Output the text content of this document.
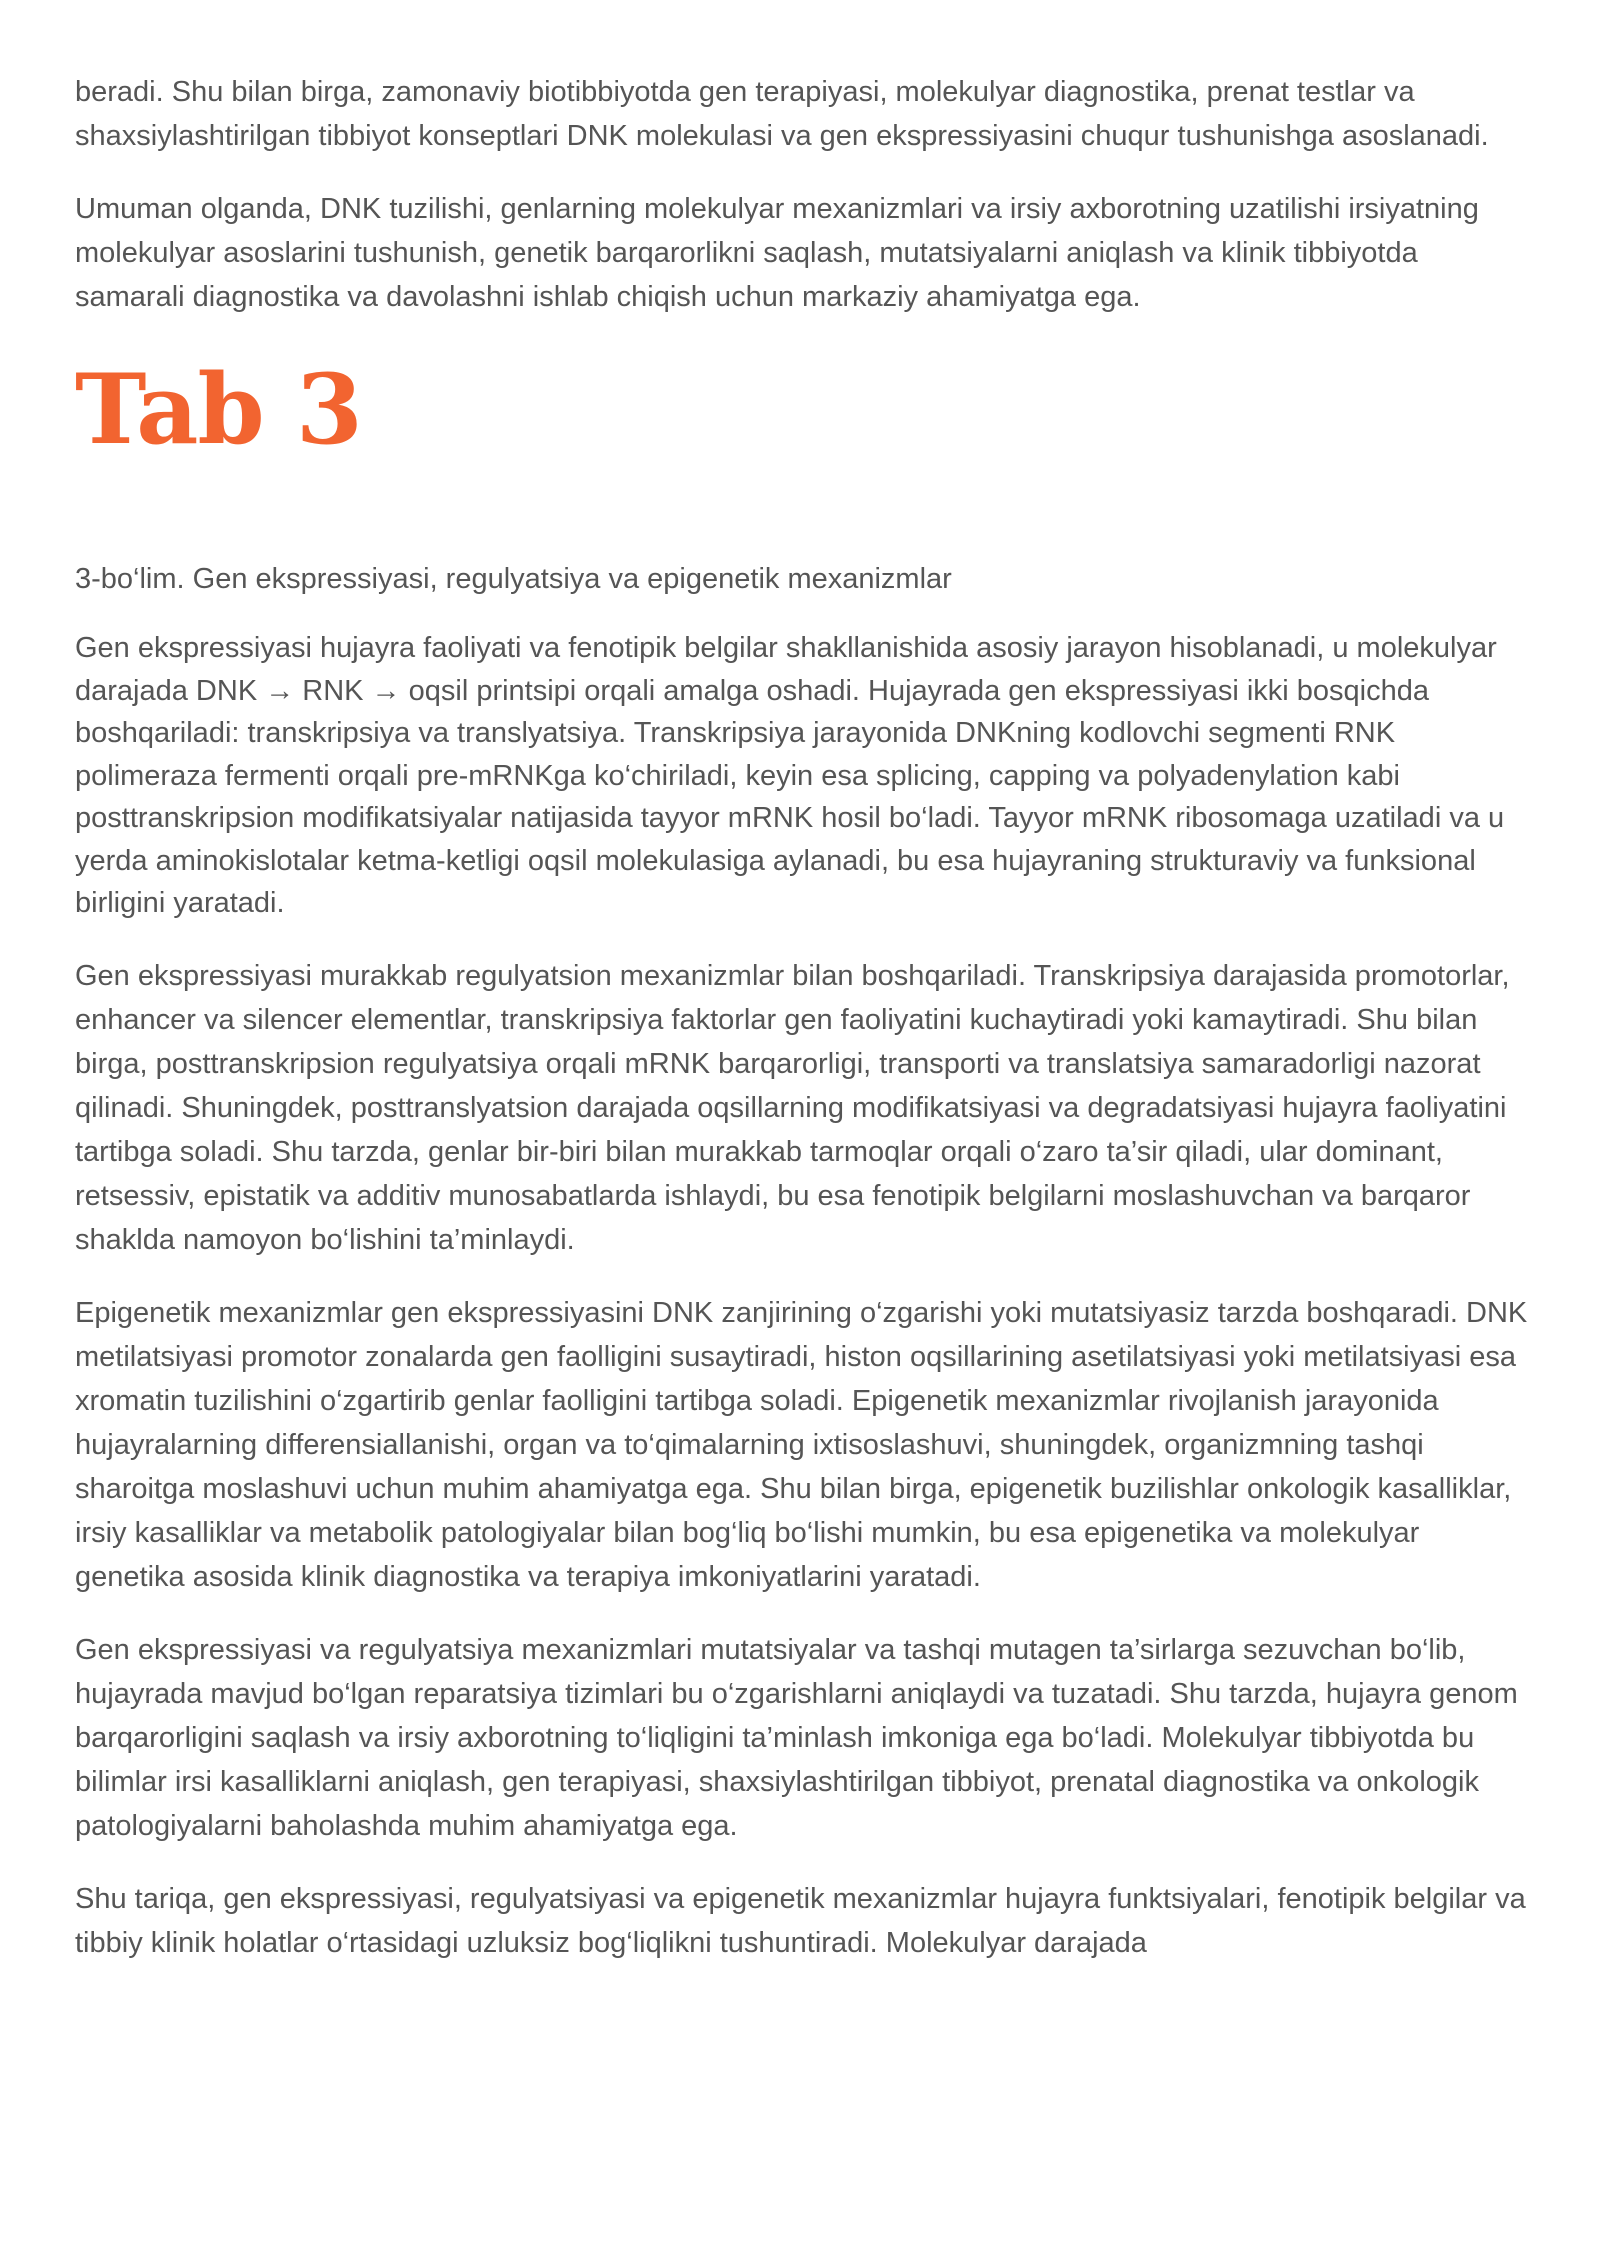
beradi. Shu bilan birga, zamonaviy biotibbiyotda gen terapiyasi, molekulyar diagnostika, prenat testlar va shaxsiylashtirilgan tibbiyot konseptlari DNK molekulasi va gen ekspressiyasini chuqur tushunishga asoslanadi.

Umuman olganda, DNK tuzilishi, genlarning molekulyar mexanizmlari va irsiy axborotning uzatilishi irsiyatning molekulyar asoslarini tushunish, genetik barqarorlikni saqlash, mutatsiyalarni aniqlash va klinik tibbiyotda samarali diagnostika va davolashni ishlab chiqish uchun markaziy ahamiyatga ega.

Tab 3

3-bo‘lim. Gen ekspressiyasi, regulyatsiya va epigenetik mexanizmlar

Gen ekspressiyasi hujayra faoliyati va fenotipik belgilar shakllanishida asosiy jarayon hisoblanadi, u molekulyar darajada DNK → RNK → oqsil printsipi orqali amalga oshadi. Hujayrada gen ekspressiyasi ikki bosqichda boshqariladi: transkripsiya va translyatsiya. Transkripsiya jarayonida DNKning kodlovchi segmenti RNK polimeraza fermenti orqali pre-mRNKga ko‘chiriladi, keyin esa splicing, capping va polyadenylation kabi posttranskripsion modifikatsiyalar natijasida tayyor mRNK hosil bo‘ladi. Tayyor mRNK ribosomaga uzatiladi va u yerda aminokislotalar ketma-ketligi oqsil molekulasiga aylanadi, bu esa hujayraning strukturaviy va funksional birligini yaratadi.

Gen ekspressiyasi murakkab regulyatsion mexanizmlar bilan boshqariladi. Transkripsiya darajasida promotorlar, enhancer va silencer elementlar, transkripsiya faktorlar gen faoliyatini kuchaytiradi yoki kamaytiradi. Shu bilan birga, posttranskripsion regulyatsiya orqali mRNK barqarorligi, transporti va translatsiya samaradorligi nazorat qilinadi. Shuningdek, posttranslyatsion darajada oqsillarning modifikatsiyasi va degradatsiyasi hujayra faoliyatini tartibga soladi. Shu tarzda, genlar bir-biri bilan murakkab tarmoqlar orqali o‘zaro ta’sir qiladi, ular dominant, retsessiv, epistatik va additiv munosabatlarda ishlaydi, bu esa fenotipik belgilarni moslashuvchan va barqaror shaklda namoyon bo‘lishini ta’minlaydi.

Epigenetik mexanizmlar gen ekspressiyasini DNK zanjirining o‘zgarishi yoki mutatsiyasiz tarzda boshqaradi. DNK metilatsiyasi promotor zonalarda gen faolligini susaytiradi, histon oqsillarining asetilatsiyasi yoki metilatsiyasi esa xromatin tuzilishini o‘zgartirib genlar faolligini tartibga soladi. Epigenetik mexanizmlar rivojlanish jarayonida hujayralarning differensiallanishi, organ va to‘qimalarning ixtisoslashuvi, shuningdek, organizmning tashqi sharoitga moslashuvi uchun muhim ahamiyatga ega. Shu bilan birga, epigenetik buzilishlar onkologik kasalliklar, irsiy kasalliklar va metabolik patologiyalar bilan bog‘liq bo‘lishi mumkin, bu esa epigenetika va molekulyar genetika asosida klinik diagnostika va terapiya imkoniyatlarini yaratadi.

Gen ekspressiyasi va regulyatsiya mexanizmlari mutatsiyalar va tashqi mutagen ta’sirlarga sezuvchan bo‘lib, hujayrada mavjud bo‘lgan reparatsiya tizimlari bu o‘zgarishlarni aniqlaydi va tuzatadi. Shu tarzda, hujayra genom barqarorligini saqlash va irsiy axborotning to‘liqligini ta’minlash imkoniga ega bo‘ladi. Molekulyar tibbiyotda bu bilimlar irsi kasalliklarni aniqlash, gen terapiyasi, shaxsiylashtirilgan tibbiyot, prenatal diagnostika va onkologik patologiyalarni baholashda muhim ahamiyatga ega.

Shu tariqa, gen ekspressiyasi, regulyatsiyasi va epigenetik mexanizmlar hujayra funktsiyalari, fenotipik belgilar va tibbiy klinik holatlar o‘rtasidagi uzluksiz bog‘liqlikni tushuntiradi. Molekulyar darajada
